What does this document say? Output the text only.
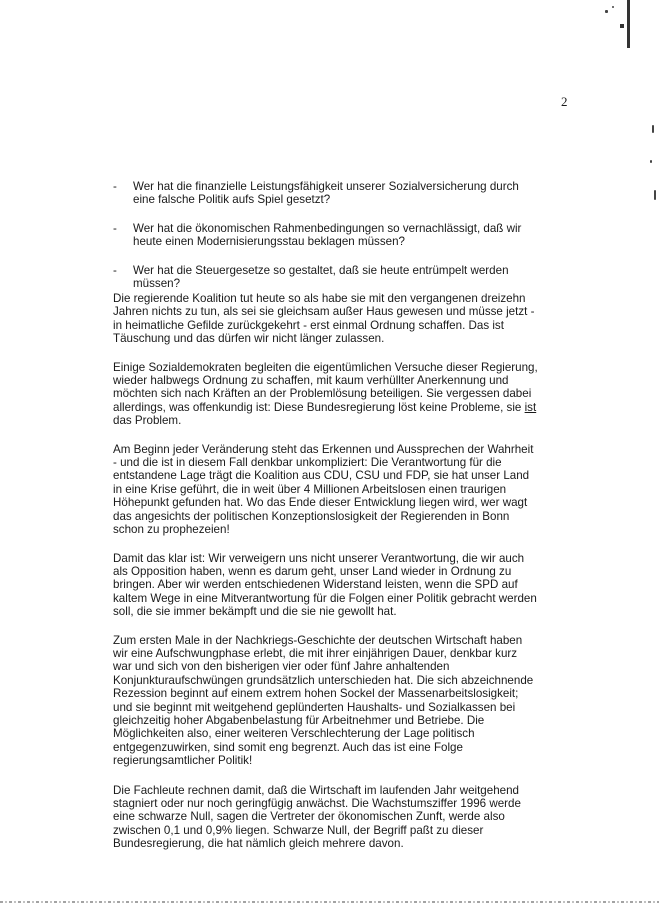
2
-	Wer hat die finanzielle Leistungsfähigkeit unserer Sozialversicherung durch eine falsche Politik aufs Spiel gesetzt?
-	Wer hat die ökonomischen Rahmenbedingungen so vernachlässigt, daß wir heute einen Modernisierungsstau beklagen müssen?
-	Wer hat die Steuergesetze so gestaltet, daß sie heute entrümpelt werden müssen?

Die regierende Koalition tut heute so als habe sie mit den vergangenen dreizehn Jahren nichts zu tun, als sei sie gleichsam außer Haus gewesen und müsse jetzt - in heimatliche Gefilde zurückgekehrt - erst einmal Ordnung schaffen. Das ist Täuschung und das dürfen wir nicht länger zulassen.

Einige Sozialdemokraten begleiten die eigentümlichen Versuche dieser Regierung, wieder halbwegs Ordnung zu schaffen, mit kaum verhüllter Anerkennung und möchten sich nach Kräften an der Problemlösung beteiligen. Sie vergessen dabei allerdings, was offenkundig ist: Diese Bundesregierung löst keine Probleme, sie ist das Problem.

Am Beginn jeder Veränderung steht das Erkennen und Aussprechen der Wahrheit - und die ist in diesem Fall denkbar unkompliziert: Die Verantwortung für die entstandene Lage trägt die Koalition aus CDU, CSU und FDP, sie hat unser Land in eine Krise geführt, die in weit über 4 Millionen Arbeitslosen einen traurigen Höhepunkt gefunden hat. Wo das Ende dieser Entwicklung liegen wird, wer wagt das angesichts der politischen Konzeptionslosigkeit der Regierenden in Bonn schon zu prophezeien!

Damit das klar ist: Wir verweigern uns nicht unserer Verantwortung, die wir auch als Opposition haben, wenn es darum geht, unser Land wieder in Ordnung zu bringen. Aber wir werden entschiedenen Widerstand leisten, wenn die SPD auf kaltem Wege in eine Mitverantwortung für die Folgen einer Politik gebracht werden soll, die sie immer bekämpft und die sie nie gewollt hat.

Zum ersten Male in der Nachkriegs-Geschichte der deutschen Wirtschaft haben wir eine Aufschwungphase erlebt, die mit ihrer einjährigen Dauer, denkbar kurz war und sich von den bisherigen vier oder fünf Jahre anhaltenden Konjunkturaufschwüngen grundsätzlich unterschieden hat. Die sich abzeichnende Rezession beginnt auf einem extrem hohen Sockel der Massenarbeitslosigkeit; und sie beginnt mit weitgehend geplünderten Haushalts- und Sozialkassen bei gleichzeitig hoher Abgabenbelastung für Arbeitnehmer und Betriebe. Die Möglichkeiten also, einer weiteren Verschlechterung der Lage politisch entgegenzuwirken, sind somit eng begrenzt. Auch das ist eine Folge regierungsamtlicher Politik!

Die Fachleute rechnen damit, daß die Wirtschaft im laufenden Jahr weitgehend stagniert oder nur noch geringfügig anwächst. Die Wachstumsziffer 1996 werde eine schwarze Null, sagen die Vertreter der ökonomischen Zunft, werde also zwischen 0,1 und 0,9% liegen. Schwarze Null, der Begriff paßt zu dieser Bundesregierung, die hat nämlich gleich mehrere davon.
